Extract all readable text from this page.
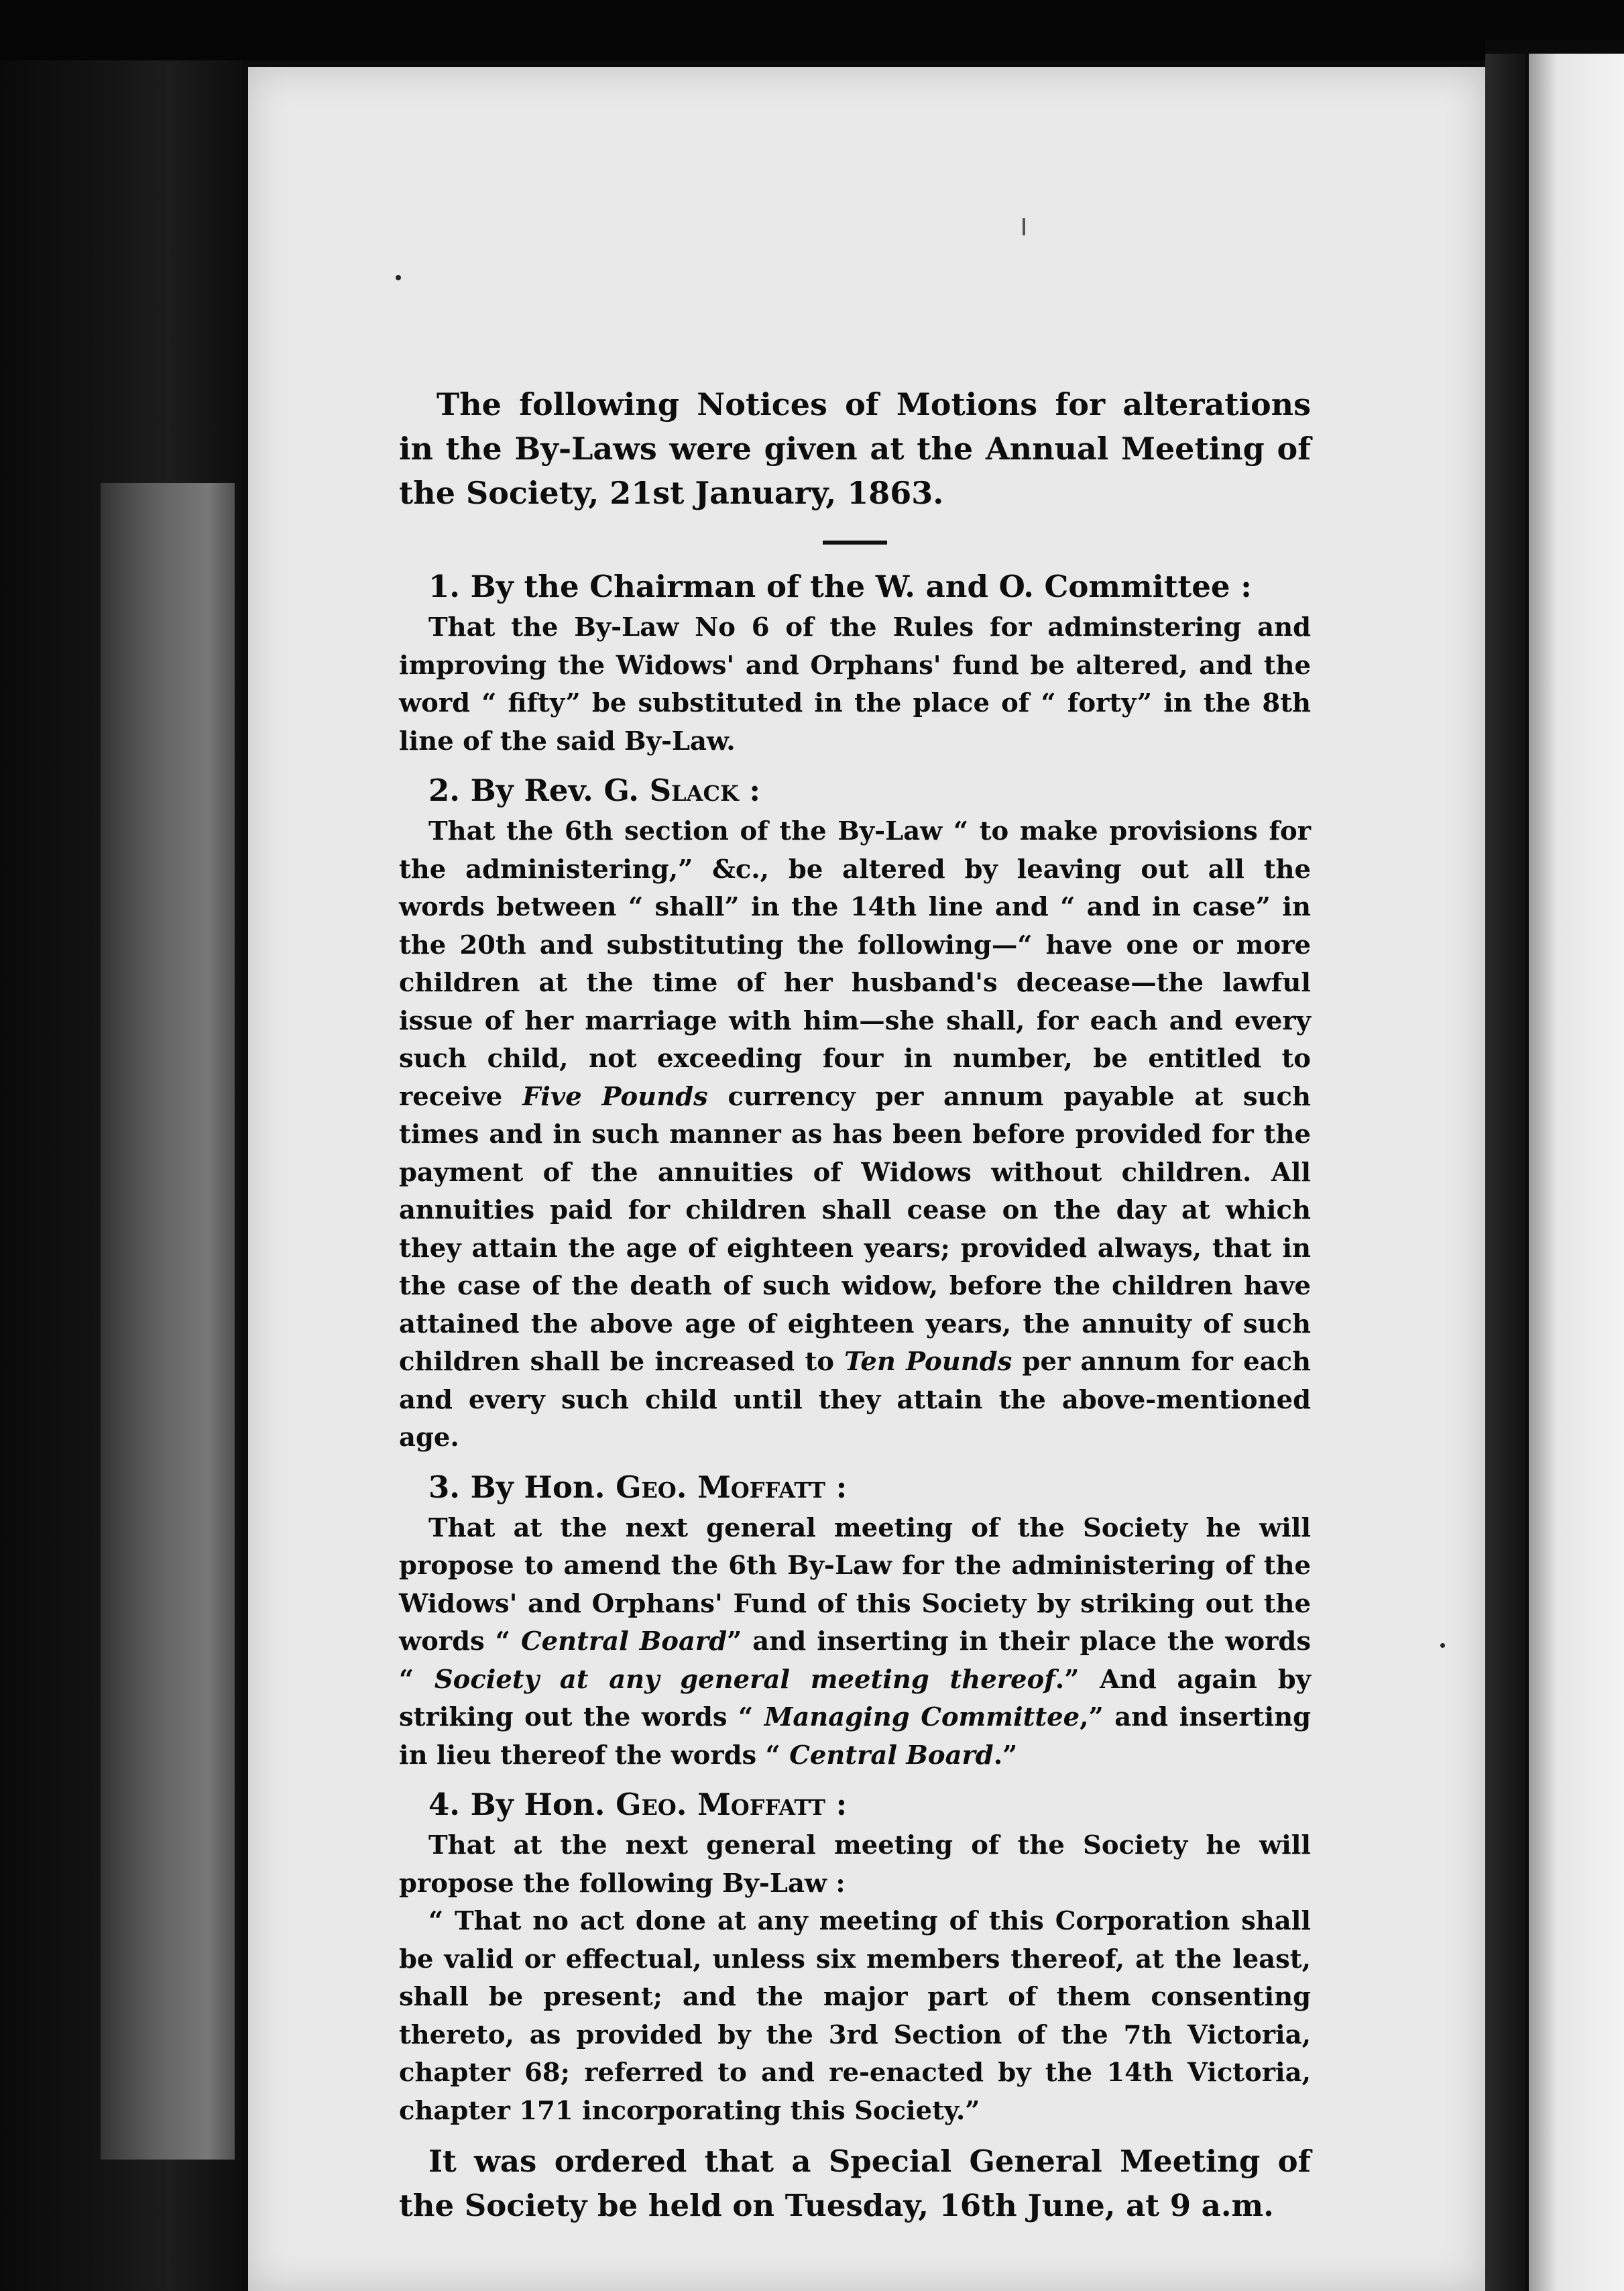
The following Notices of Motions for alterations in the By-Laws were given at the Annual Meeting of the Society, 21st January, 1863.

1. By the Chairman of the W. and O. Committee :

That the By-Law No 6 of the Rules for adminstering and improving the Widows' and Orphans' fund be altered, and the word “ fifty” be substituted in the place of “ forty” in the 8th line of the said By-Law.

2. By Rev. G. Slack :

That the 6th section of the By-Law “ to make provisions for the administering,” &c., be altered by leaving out all the words between “ shall” in the 14th line and “ and in case” in the 20th and substituting the following—“ have one or more children at the time of her husband's decease—the lawful issue of her marriage with him—she shall, for each and every such child, not exceeding four in number, be entitled to receive Five Pounds currency per annum payable at such times and in such manner as has been before provided for the payment of the annuities of Widows without children. All annuities paid for children shall cease on the day at which they attain the age of eighteen years; provided always, that in the case of the death of such widow, before the children have attained the above age of eighteen years, the annuity of such children shall be increased to Ten Pounds per annum for each and every such child until they attain the above-mentioned age.

3. By Hon. Geo. Moffatt :

That at the next general meeting of the Society he will propose to amend the 6th By-Law for the administering of the Widows' and Orphans' Fund of this Society by striking out the words “ Central Board” and inserting in their place the words “ Society at any general meeting thereof.” And again by striking out the words “ Managing Committee,” and inserting in lieu thereof the words “ Central Board.”

4. By Hon. Geo. Moffatt :

That at the next general meeting of the Society he will propose the following By-Law :

“ That no act done at any meeting of this Corporation shall be valid or effectual, unless six members thereof, at the least, shall be present; and the major part of them consenting thereto, as provided by the 3rd Section of the 7th Victoria, chapter 68; referred to and re-enacted by the 14th Victoria, chapter 171 incorporating this Society.”

It was ordered that a Special General Meeting of the Society be held on Tuesday, 16th June, at 9 a.m.
